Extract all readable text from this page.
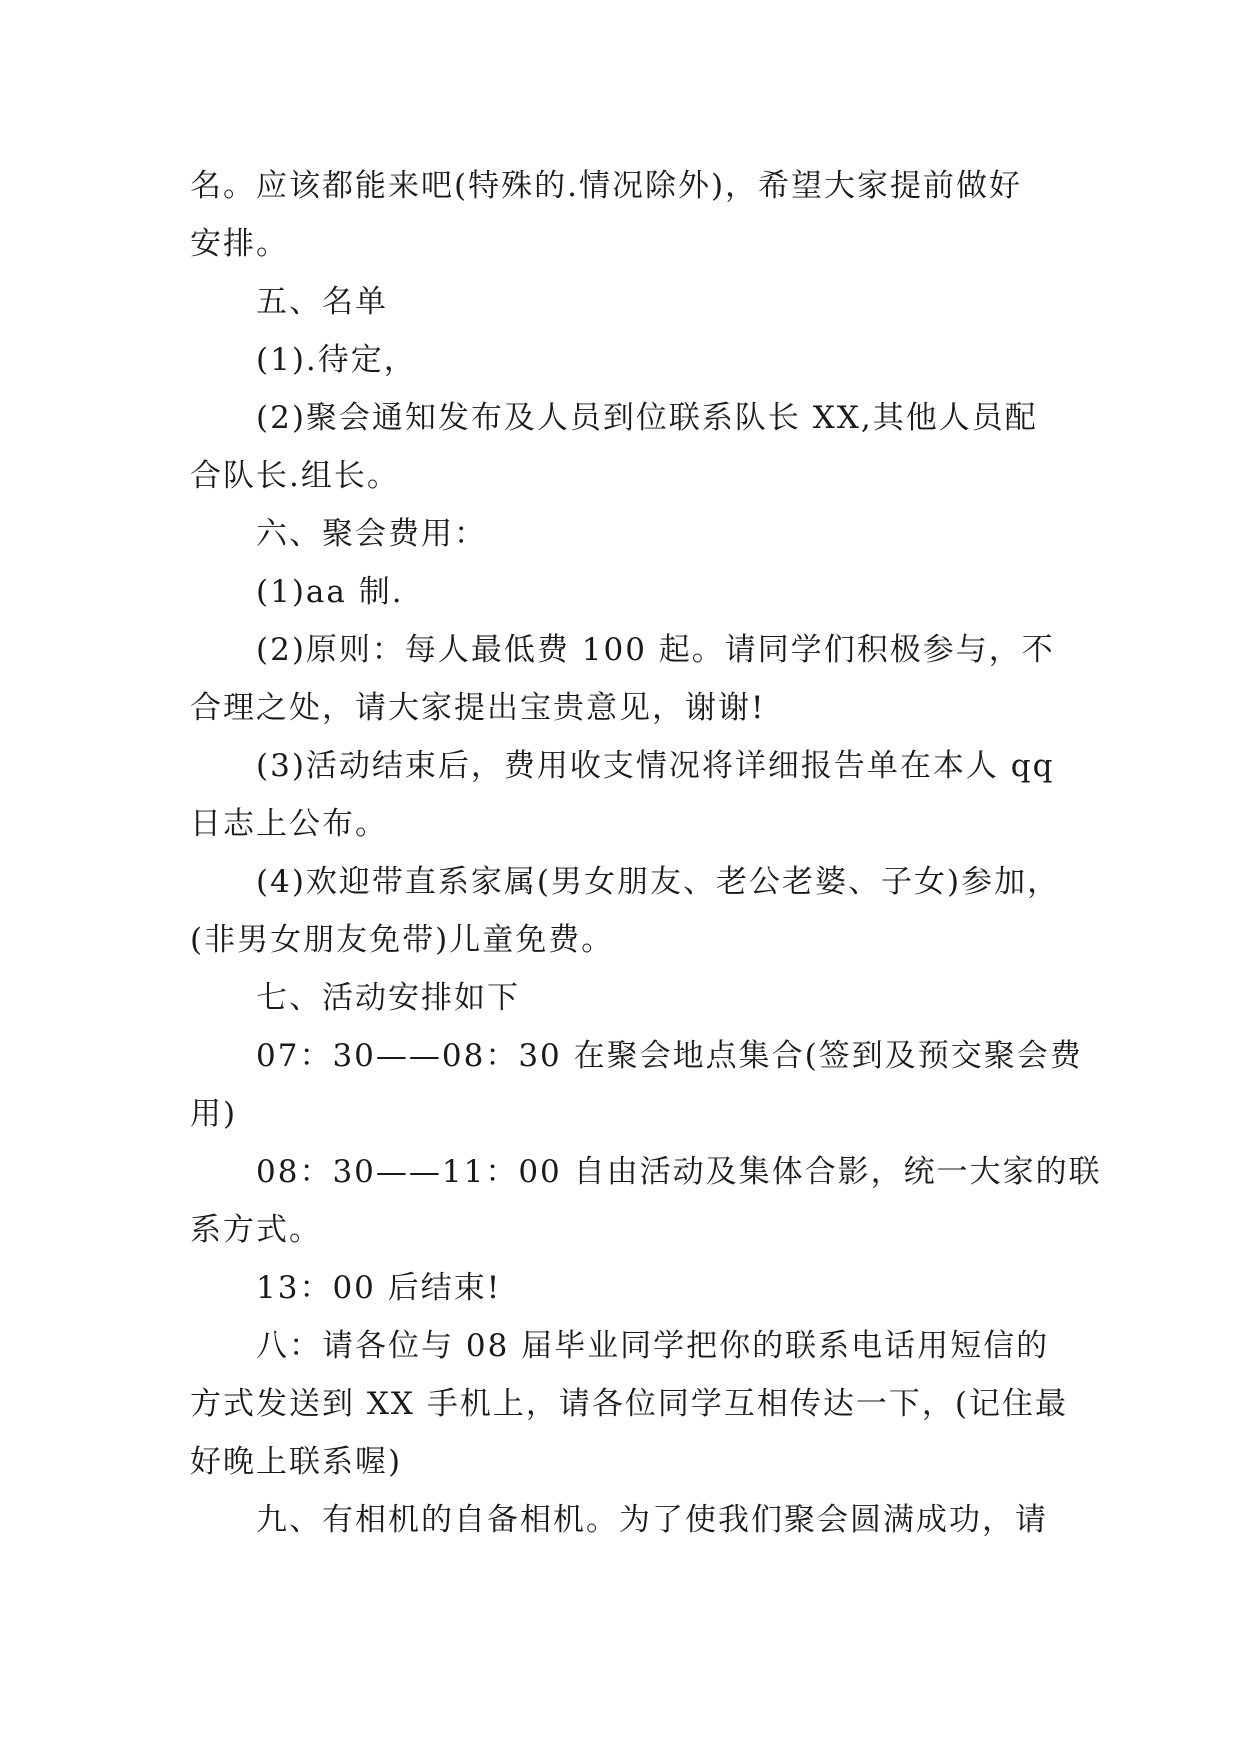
名。应该都能来吧(特殊的.情况除外)，希望大家提前做好
安排。
五、名单
(1).待定，
(2)聚会通知发布及人员到位联系队长 XX,其他人员配
合队长.组长。
六、聚会费用：
(1)aa 制.
(2)原则：每人最低费 100 起。请同学们积极参与，不
合理之处，请大家提出宝贵意见，谢谢!
(3)活动结束后，费用收支情况将详细报告单在本人 qq
日志上公布。
(4)欢迎带直系家属(男女朋友、老公老婆、子女)参加，
(非男女朋友免带)儿童免费。
七、活动安排如下
07：30——08：30 在聚会地点集合(签到及预交聚会费
用)
08：30——11：00 自由活动及集体合影，统一大家的联
系方式。
13：00 后结束!
八：请各位与 08 届毕业同学把你的联系电话用短信的
方式发送到 XX 手机上，请各位同学互相传达一下，(记住最
好晚上联系喔)
九、有相机的自备相机。为了使我们聚会圆满成功，请
